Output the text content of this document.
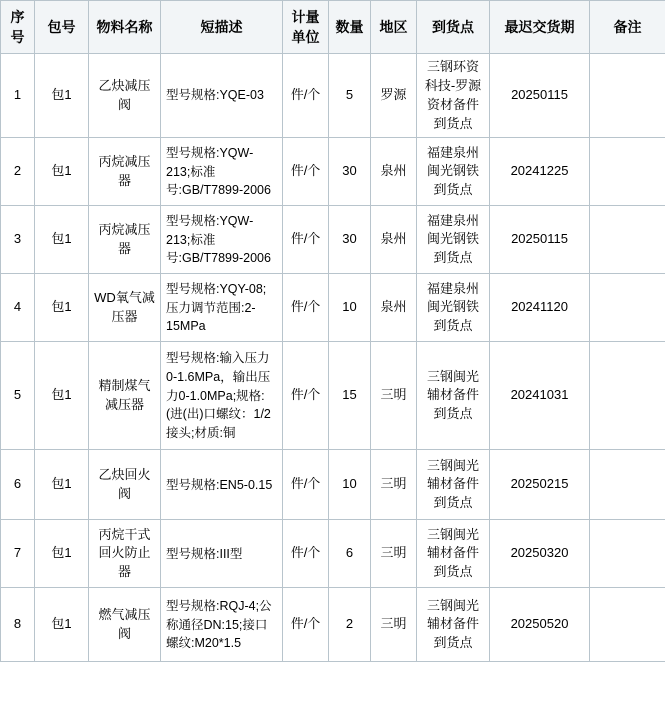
序号	包号	物料名称	短描述	计量单位	数量	地区	到货点	最迟交货期	备注
1	包1	乙炔减压阀	型号规格:YQE-03	件/个	5	罗源	三钢环资科技-罗源资材备件到货点	20250115	
2	包1	丙烷减压器	型号规格:YQW-213;标准号:GB/T7899-2006	件/个	30	泉州	福建泉州闽光钢铁到货点	20241225	
3	包1	丙烷减压器	型号规格:YQW-213;标准号:GB/T7899-2006	件/个	30	泉州	福建泉州闽光钢铁到货点	20250115	
4	包1	WD氧气减压器	型号规格:YQY-08;压力调节范围:2-15MPa	件/个	10	泉州	福建泉州闽光钢铁到货点	20241120	
5	包1	精制煤气减压器	型号规格:输入压力0-1.6MPa，输出压力0-1.0MPa;规格:(进(出)口螺纹：1/2接头;材质:铜	件/个	15	三明	三钢闽光辅材备件到货点	20241031	
6	包1	乙炔回火阀	型号规格:EN5-0.15	件/个	10	三明	三钢闽光辅材备件到货点	20250215	
7	包1	丙烷干式回火防止器	型号规格:III型	件/个	6	三明	三钢闽光辅材备件到货点	20250320	
8	包1	燃气减压阀	型号规格:RQJ-4;公称通径DN:15;接口螺纹:M20*1.5	件/个	2	三明	三钢闽光辅材备件到货点	20250520	
